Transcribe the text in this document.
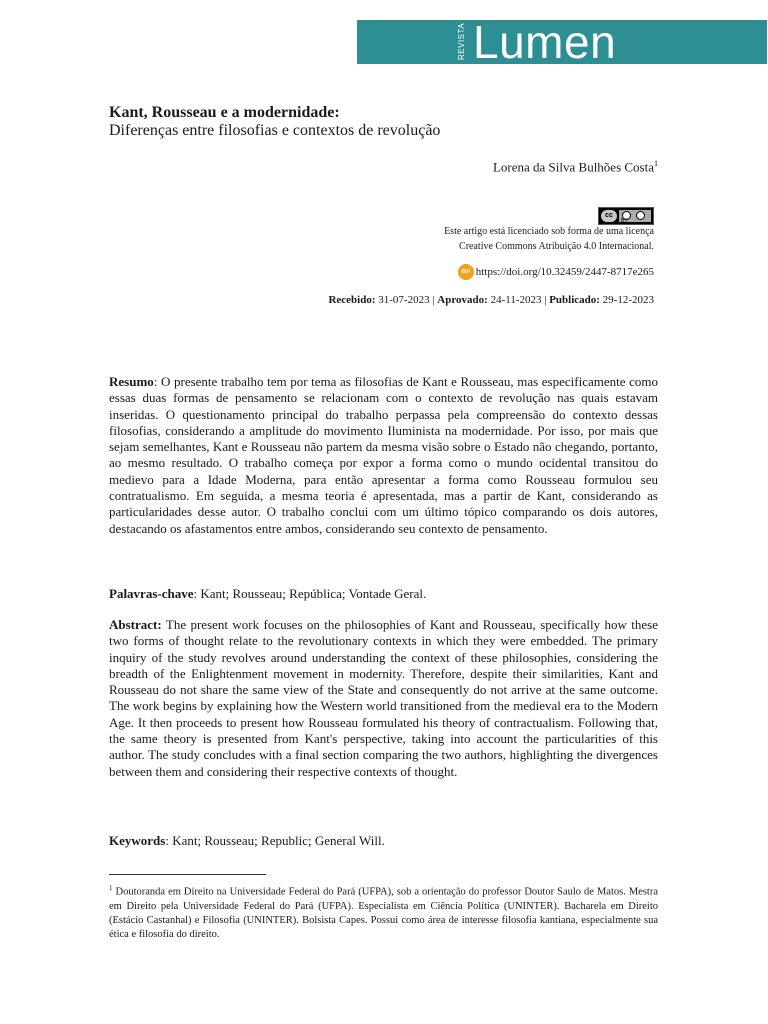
REVISTA Lumen
Kant, Rousseau e a modernidade:
Diferenças entre filosofias e contextos de revolução
Lorena da Silva Bulhões Costa$^1$
cc
BY
Este artigo está licenciado sob forma de uma licença
Creative Commons Atribuição 4.0 Internacional.
doi https://doi.org/10.32459/2447-8717e265
Recebido: 31-07-2023 | Aprovado: 24-11-2023 | Publicado: 29-12-2023
Resumo: O presente trabalho tem por tema as filosofias de Kant e Rousseau, mas especificamente como essas duas formas de pensamento se relacionam com o contexto de revolução nas quais estavam inseridas. O questionamento principal do trabalho perpassa pela compreensão do contexto dessas filosofias, considerando a amplitude do movimento Iluminista na modernidade. Por isso, por mais que sejam semelhantes, Kant e Rousseau não partem da mesma visão sobre o Estado não chegando, portanto, ao mesmo resultado. O trabalho começa por expor a forma como o mundo ocidental transitou do medievo para a Idade Moderna, para então apresentar a forma como Rousseau formulou seu contratualismo. Em seguida, a mesma teoria é apresentada, mas a partir de Kant, considerando as particularidades desse autor. O trabalho conclui com um último tópico comparando os dois autores, destacando os afastamentos entre ambos, considerando seu contexto de pensamento.
Palavras-chave: Kant; Rousseau; República; Vontade Geral.
Abstract: The present work focuses on the philosophies of Kant and Rousseau, specifically how these two forms of thought relate to the revolutionary contexts in which they were embedded. The primary inquiry of the study revolves around understanding the context of these philosophies, considering the breadth of the Enlightenment movement in modernity. Therefore, despite their similarities, Kant and Rousseau do not share the same view of the State and consequently do not arrive at the same outcome. The work begins by explaining how the Western world transitioned from the medieval era to the Modern Age. It then proceeds to present how Rousseau formulated his theory of contractualism. Following that, the same theory is presented from Kant's perspective, taking into account the particularities of this author. The study concludes with a final section comparing the two authors, highlighting the divergences between them and considering their respective contexts of thought.
Keywords: Kant; Rousseau; Republic; General Will.
$^1$ Doutoranda em Direito na Universidade Federal do Pará (UFPA), sob a orientação do professor Doutor Saulo de Matos. Mestra em Direito pela Universidade Federal do Pará (UFPA). Especialista em Ciência Política (UNINTER). Bacharela em Direito (Estácio Castanhal) e Filosofia (UNINTER). Bolsista Capes. Possui como área de interesse filosofia kantiana, especialmente sua ética e filosofia do direito.
